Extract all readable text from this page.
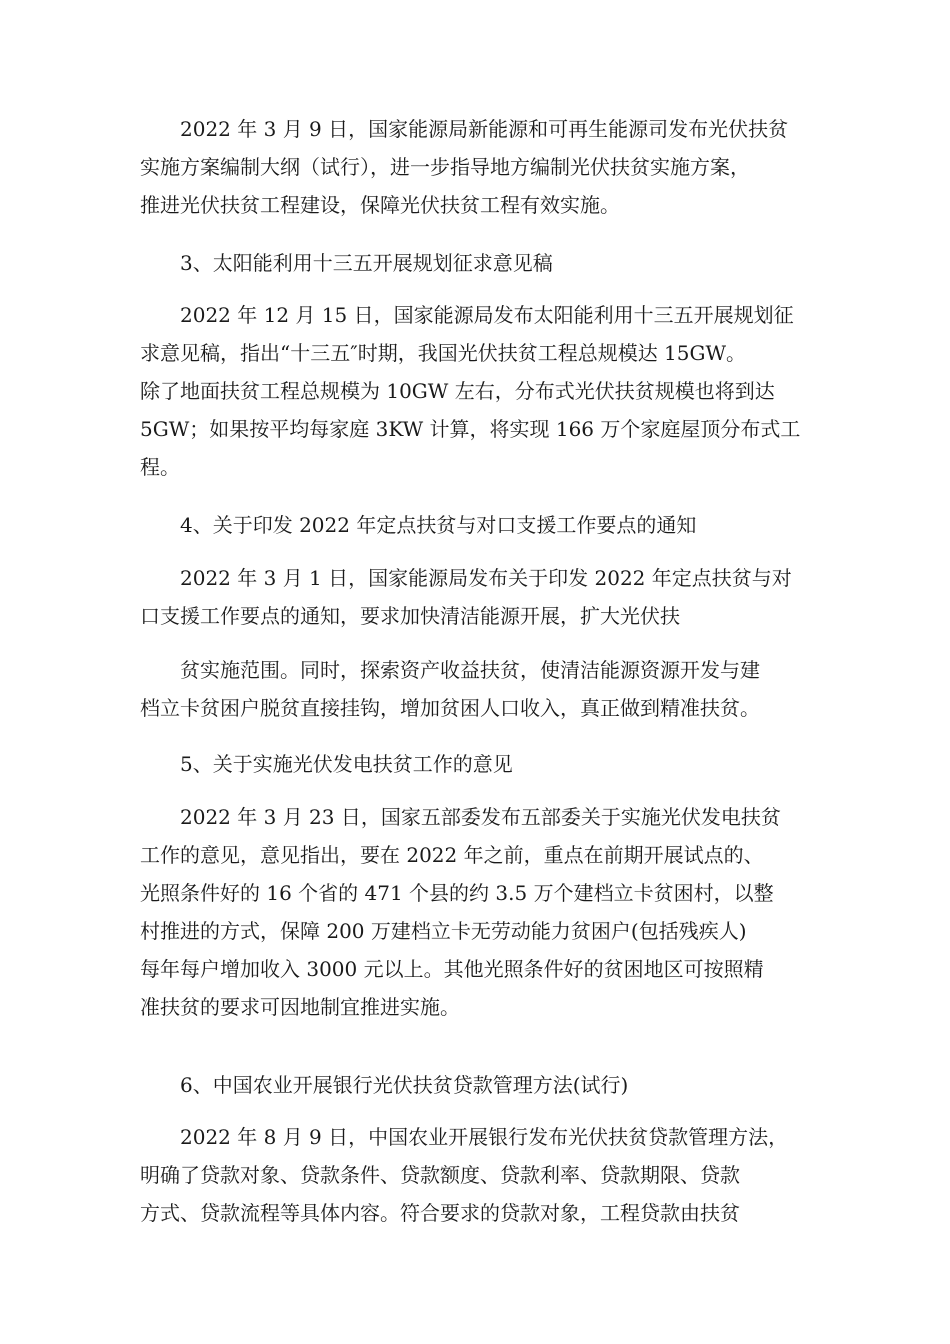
　　2022 年 3 月 9 日，国家能源局新能源和可再生能源司发布光伏扶贫
实施方案编制大纲（试行），进一步指导地方编制光伏扶贫实施方案，
推进光伏扶贫工程建设，保障光伏扶贫工程有效实施。
　　3、太阳能利用十三五开展规划征求意见稿
　　2022 年 12 月 15 日，国家能源局发布太阳能利用十三五开展规划征
求意见稿，指出“十三五″时期，我国光伏扶贫工程总规模达 15GW。
除了地面扶贫工程总规模为 10GW 左右，分布式光伏扶贫规模也将到达
5GW；如果按平均每家庭 3KW 计算，将实现 166 万个家庭屋顶分布式工
程。
　　4、关于印发 2022 年定点扶贫与对口支援工作要点的通知
　　2022 年 3 月 1 日，国家能源局发布关于印发 2022 年定点扶贫与对
口支援工作要点的通知，要求加快清洁能源开展，扩大光伏扶
　　贫实施范围。同时，探索资产收益扶贫，使清洁能源资源开发与建
档立卡贫困户脱贫直接挂钩，增加贫困人口收入，真正做到精准扶贫。
　　5、关于实施光伏发电扶贫工作的意见
　　2022 年 3 月 23 日，国家五部委发布五部委关于实施光伏发电扶贫
工作的意见，意见指出，要在 2022 年之前，重点在前期开展试点的、
光照条件好的 16 个省的 471 个县的约 3.5 万个建档立卡贫困村，以整
村推进的方式，保障 200 万建档立卡无劳动能力贫困户(包括残疾人)
每年每户增加收入 3000 元以上。其他光照条件好的贫困地区可按照精
准扶贫的要求可因地制宜推进实施。
　　6、中国农业开展银行光伏扶贫贷款管理方法(试行)
　　2022 年 8 月 9 日，中国农业开展银行发布光伏扶贫贷款管理方法，
明确了贷款对象、贷款条件、贷款额度、贷款利率、贷款期限、贷款
方式、贷款流程等具体内容。符合要求的贷款对象，工程贷款由扶贫
